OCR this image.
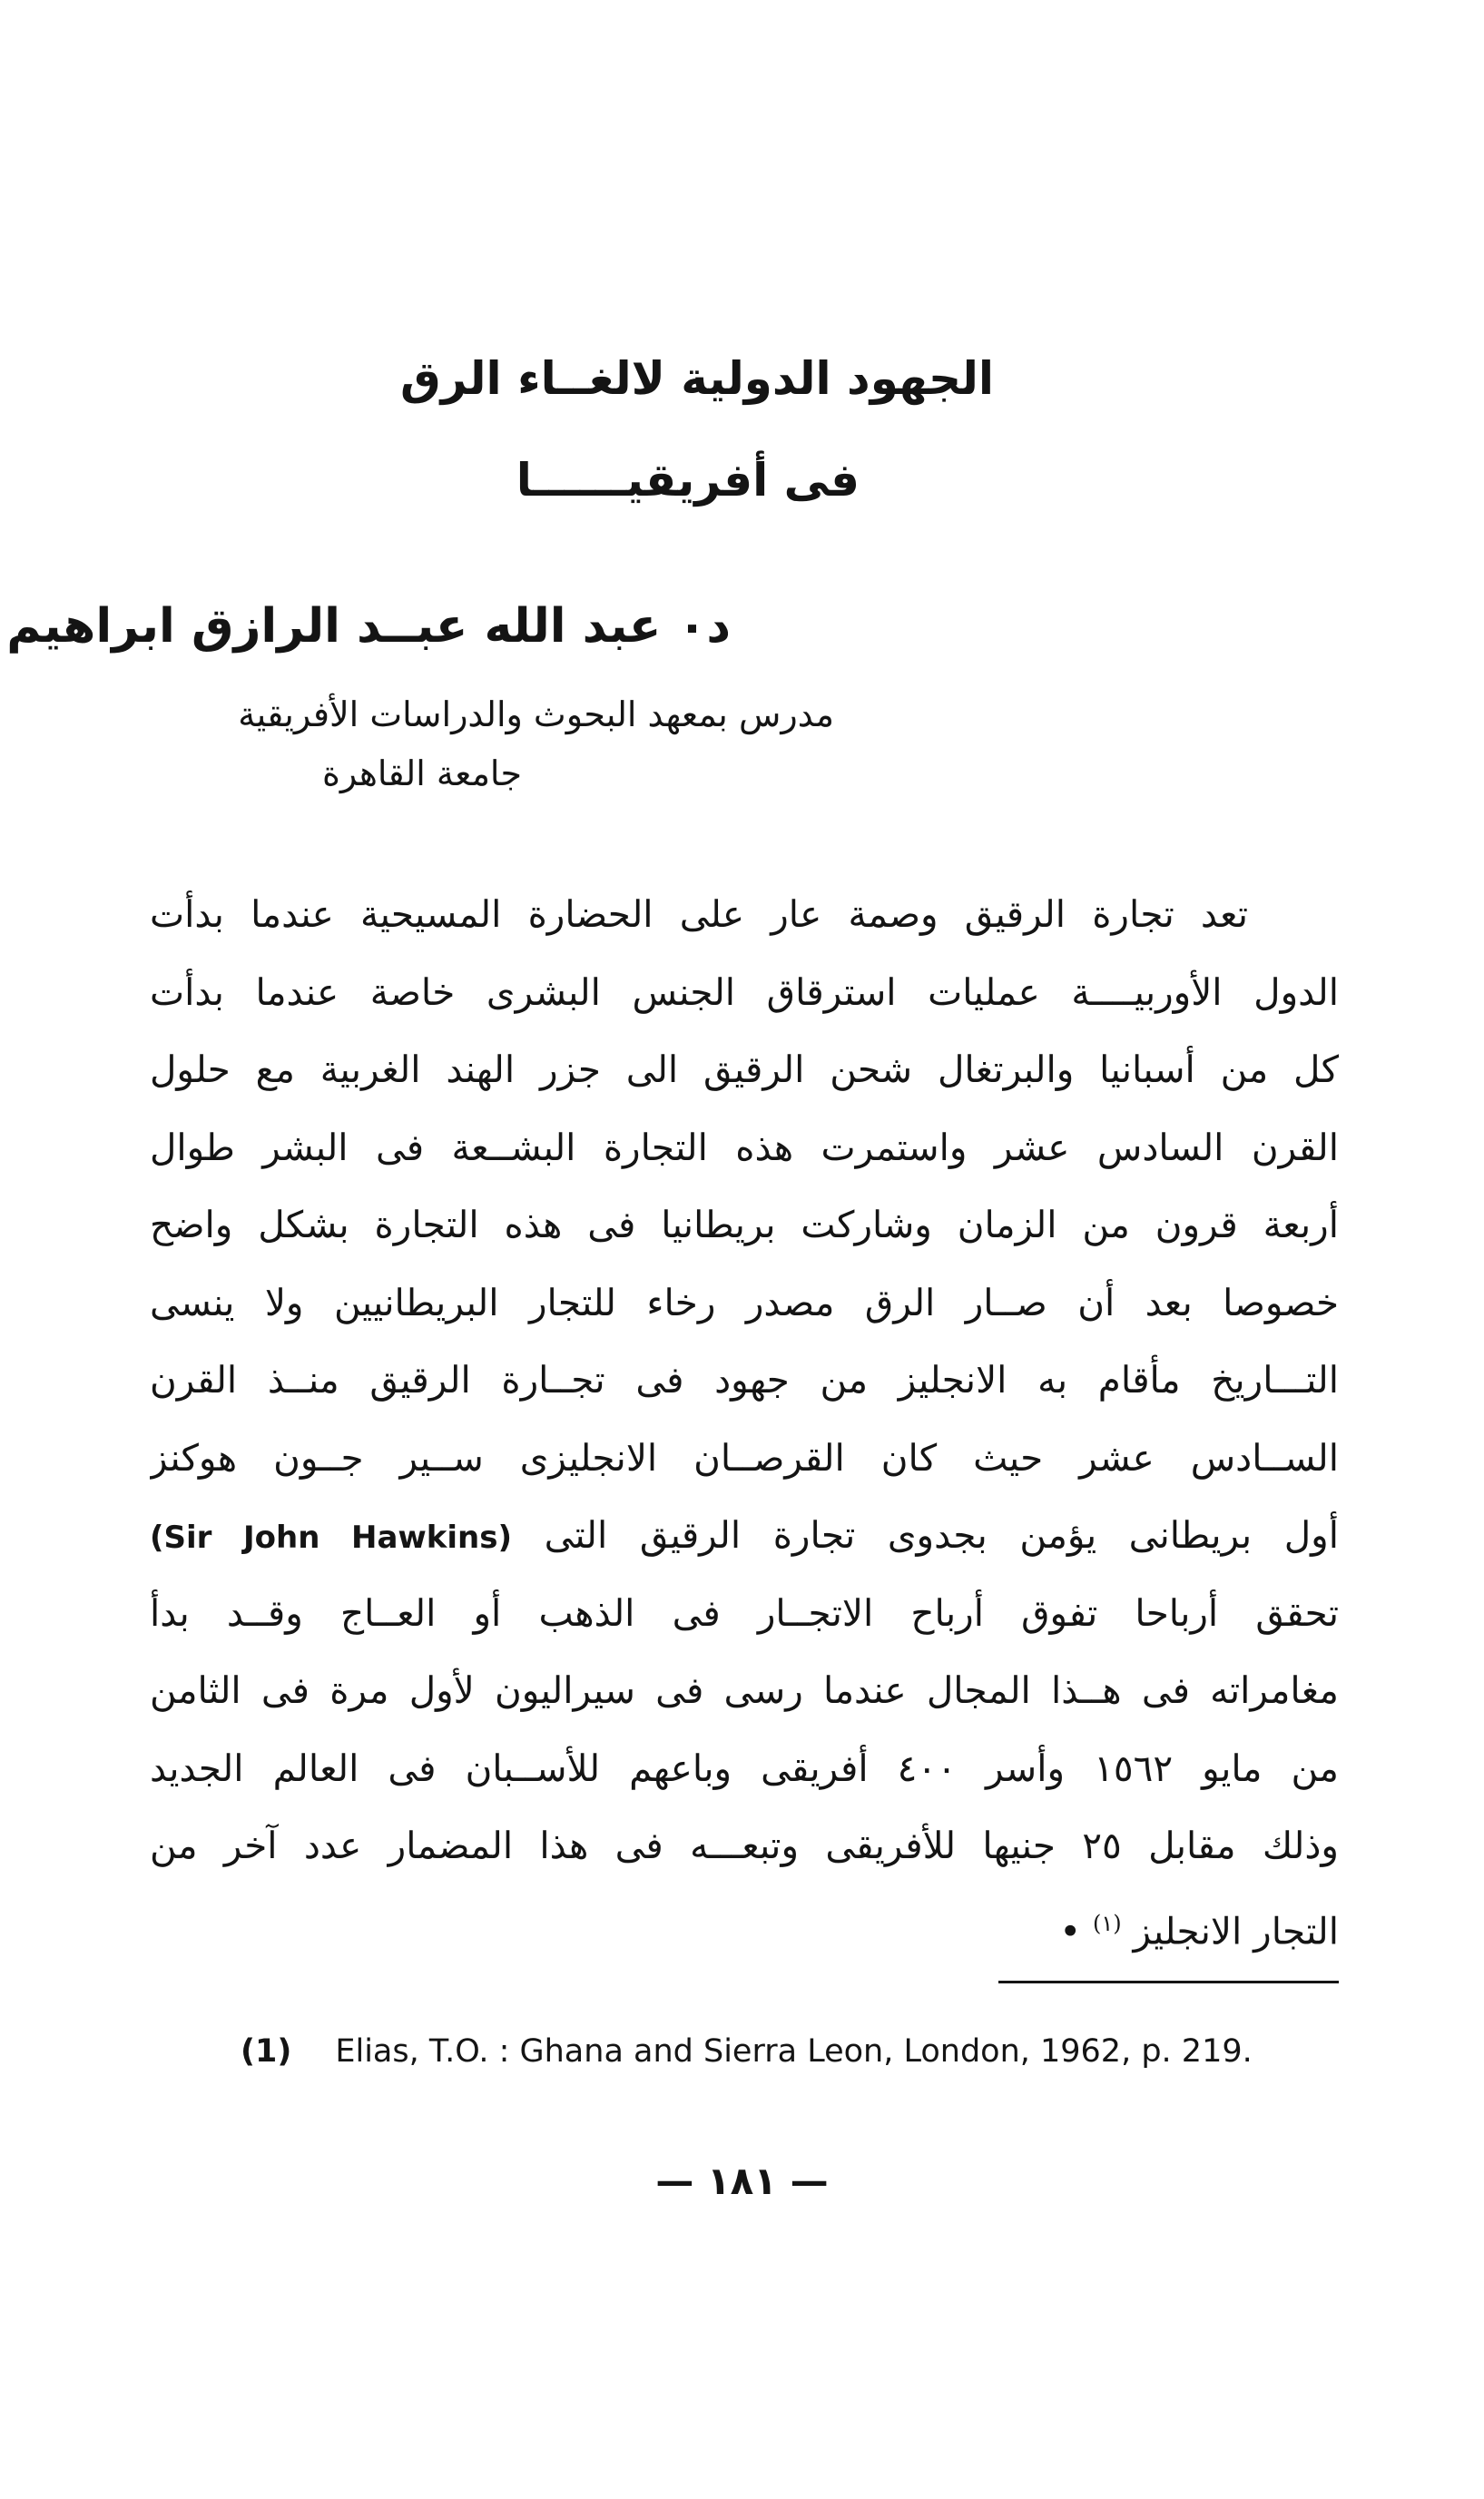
الجهود الدولية لالغــاء الرق
فى أفريقيــــــا
د٠ عبد الله عبــد الرازق ابراهيم
مدرس بمعهد البحوث والدراسات الأفريقية
جامعة القاهرة
تعد تجارة الرقيق وصمة عار على الحضارة المسيحية عندما بدأت
الدول الأوربيــــة عمليات استرقاق الجنس البشرى خاصة عندما بدأت
كل من أسبانيا والبرتغال شحن الرقيق الى جزر الهند الغربية مع حلول
القرن السادس عشر واستمرت هذه التجارة البشــعة فى البشر طوال
أربعة قرون من الزمان وشاركت بريطانيا فى هذه التجارة بشكل واضح
خصوصا بعد أن صــار الرق مصدر رخاء للتجار البريطانيين ولا ينسى
التـــاريخ مأقام به الانجليز من جهود فى تجــارة الرقيق منــذ القرن
الســادس عشر حيث كان القرصــان الانجليزى ســير جــون هوكنز
أول بريطانى يؤمن بجدوى تجارة الرقيق التى (Sir John Hawkins)
تحقق أرباحا تفوق أرباح الاتجــار فى الذهب أو العــاج وقــد بدأ
مغامراته فى هــذا المجال عندما رسى فى سيراليون لأول مرة فى الثامن
من مايو ١٥٦٢ وأسر ٤٠٠ أفريقى وباعهم للأســبان فى العالم الجديد
وذلك مقابل ٢٥ جنيها للأفريقى وتبعـــه فى هذا المضمار عدد آخر من
التجار الانجليز $^{(١)}$ •
(1) Elias, T.O. : Ghana and Sierra Leon, London, 1962, p. 219.
— ١٨١ —
